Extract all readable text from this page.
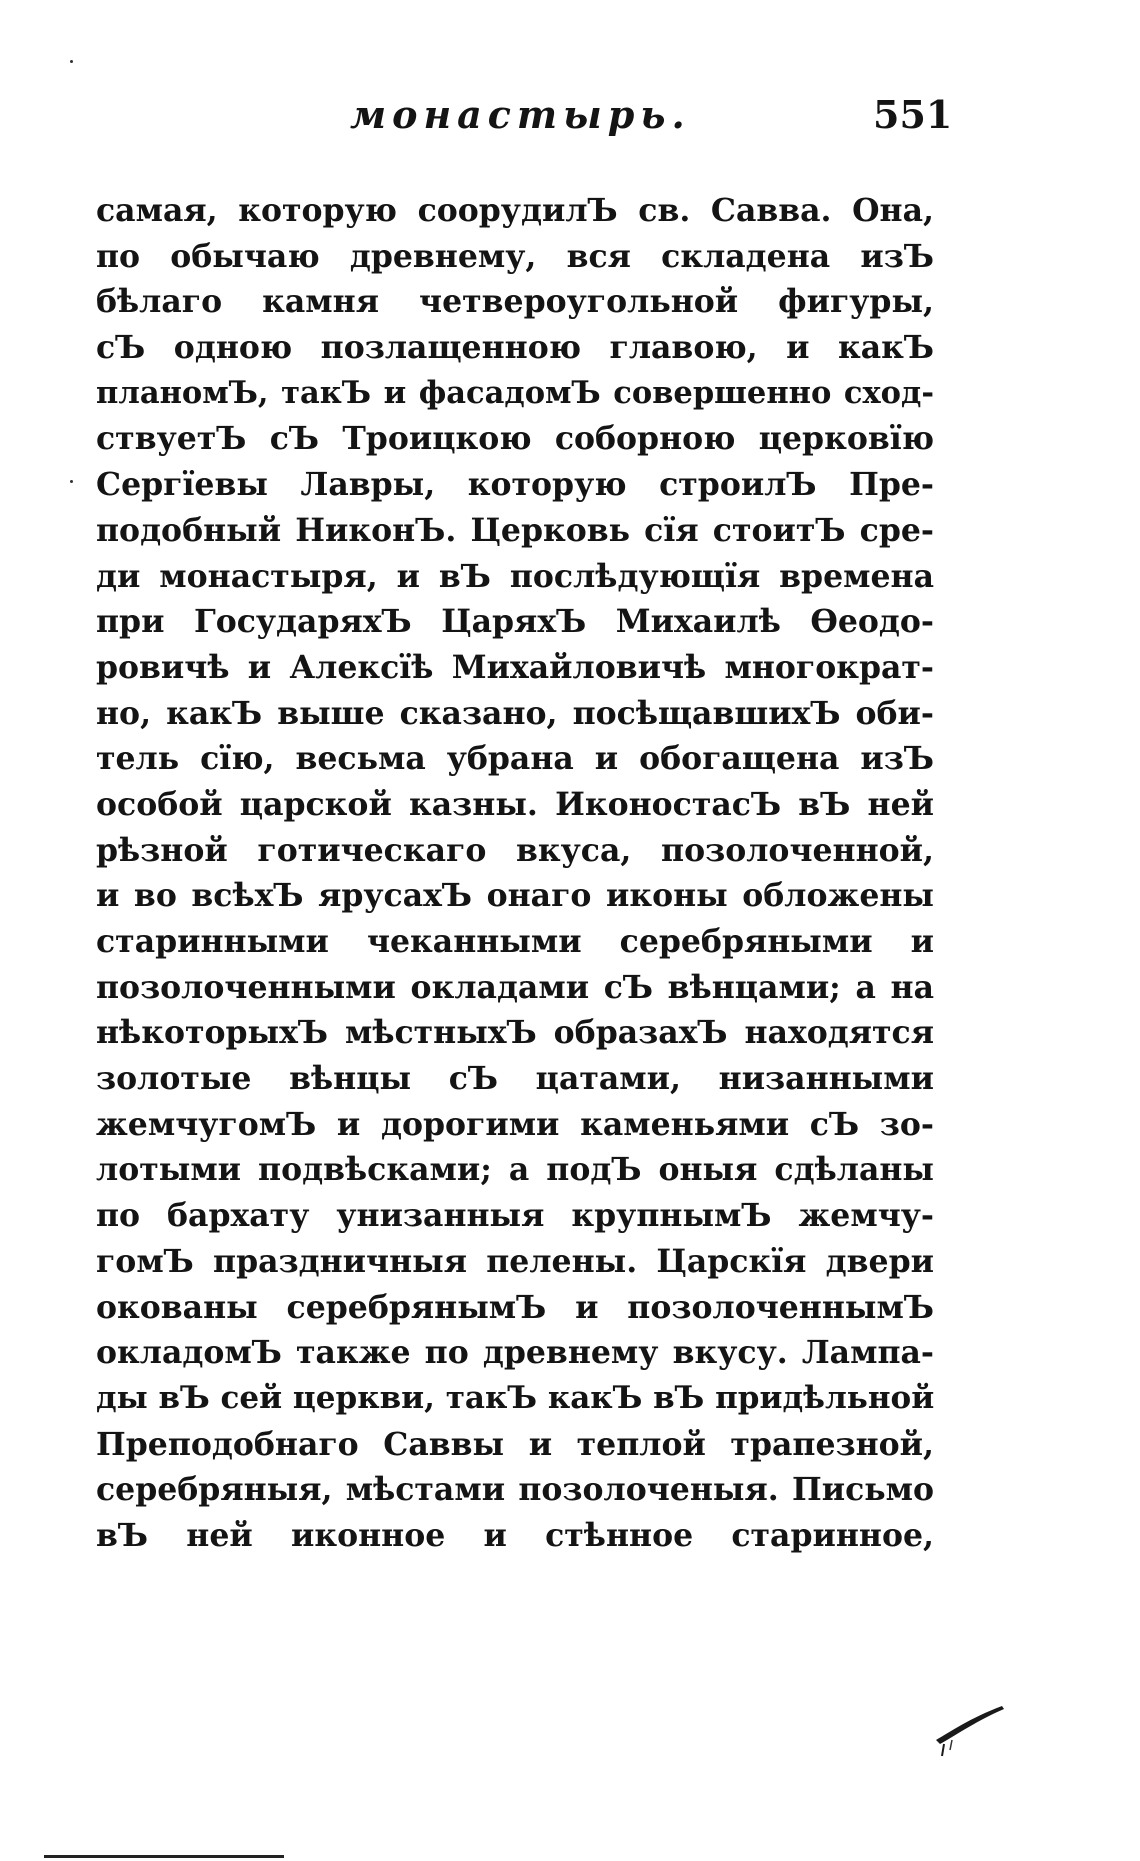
монастырь.	551
самая, которую соорудилЪ св. Савва. Она,
по обычаю древнему, вся складена изЪ
бѣлаго камня четвероугольной фигуры,
сЪ одною позлащенною главою, и какЪ
планомЪ, такЪ и фасадомЪ совершенно сход-
ствуетЪ сЪ Троицкою соборною церковїю
Сергїевы Лавры, которую строилЪ Пре-
подобный НиконЪ. Церковь сїя стоитЪ сре-
ди монастыря, и вЪ послѣдующїя времена
при ГосударяхЪ ЦаряхЪ Михаилѣ Ѳеодо-
ровичѣ и Алексїѣ Михайловичѣ многократ-
но, какЪ выше сказано, посѣщавшихЪ оби-
тель сїю, весьма убрана и обогащена изЪ
особой царской казны. ИконостасЪ вЪ ней
рѣзной готическаго вкуса, позолоченной,
и во всѣхЪ ярусахЪ онаго иконы обложены
старинными чеканными серебряными и
позолоченными окладами сЪ вѣнцами; а на
нѣкоторыхЪ мѣстныхЪ образахЪ находятся
золотые вѣнцы сЪ цатами, низанными
жемчугомЪ и дорогими каменьями сЪ зо-
лотыми подвѣсками; а подЪ оныя сдѣланы
по бархату унизанныя крупнымЪ жемчу-
гомЪ праздничныя пелены. Царскїя двери
окованы серебрянымЪ и позолоченнымЪ
окладомЪ также по древнему вкусу. Лампа-
ды вЪ сей церкви, такЪ какЪ вЪ придѣльной
Преподобнаго Саввы и теплой трапезной,
серебряныя, мѣстами позолоченыя. Письмо
вЪ ней иконное и стѣнное старинное,
